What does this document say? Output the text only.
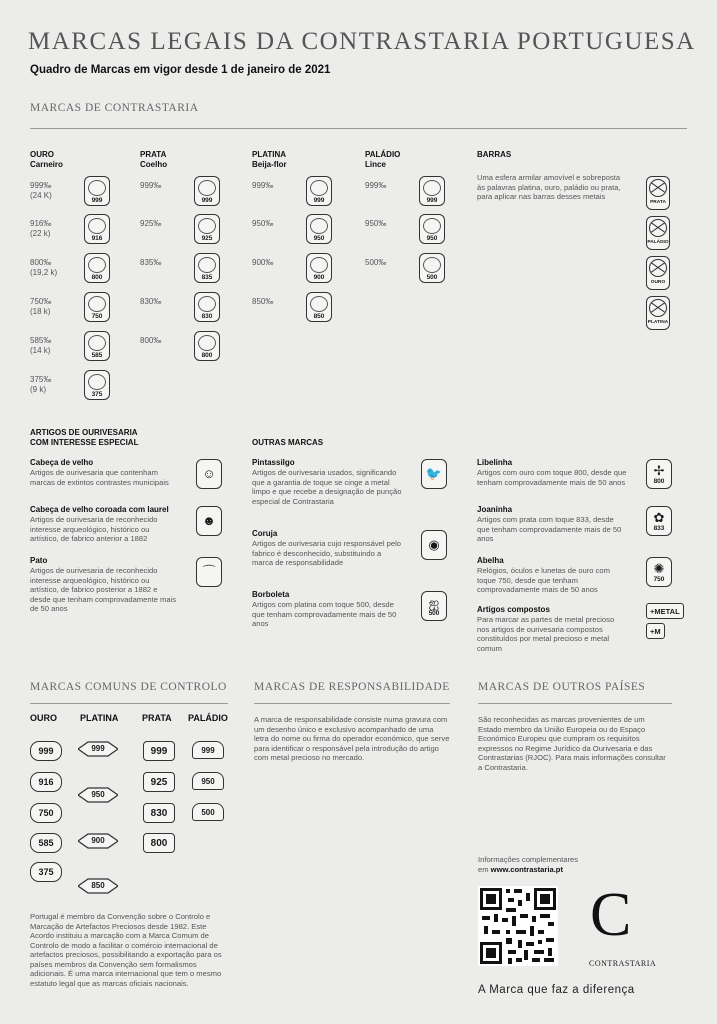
MARCAS LEGAIS DA CONTRASTARIA PORTUGUESA
Quadro de Marcas em vigor desde 1 de janeiro de 2021
MARCAS DE CONTRASTARIA
OURO
Carneiro
999‰
(24 K)
999
916‰
(22 k)
916
800‰
(19,2 k)
800
750‰
(18 k)
750
585‰
(14 k)
585
375‰
(9 k)
375
PRATA
Coelho
999‰
999
925‰
925
835‰
835
830‰
830
800‰
800
PLATINA
Beija-flor
999‰
999
950‰
950
900‰
900
850‰
850
PALÁDIO
Lince
999‰
999
950‰
950
500‰
500
BARRAS
Uma esfera armilar amovível e sobreposta às palavras platina, ouro, paládio ou prata, para aplicar nas barras desses metais
PRATA
PALÁDIO
OURO
PLATINA
ARTIGOS DE OURIVESARIA
COM INTERESSE ESPECIAL
Cabeça de velho
Artigos de ourivesaria que contenham marcas de extintos contrastes municipais
☺
Cabeça de velho coroada com laurel
Artigos de ourivesaria de reconhecido interesse arqueológico, histórico ou artístico, de fabrico anterior a 1882
☻
Pato
Artigos de ourivesaria de reconhecido interesse arqueológico, histórico ou artístico, de fabrico posterior a 1882 e desde que tenham comprovadamente mais de 50 anos
⌒
OUTRAS MARCAS
Pintassilgo
Artigos de ourivesaria usados, significando que a garantia de toque se cinge a metal limpo e que recebe a designação de punção especial de Contrastaria
🐦
Coruja
Artigos de ourivesaria cujo responsável pelo fabrico é desconhecido, substituindo a marca de responsabilidade
◉
Borboleta
Artigos com platina com toque 500, desde que tenham comprovadamente mais de 50 anos
ஐ
500
Libelinha
Artigos com ouro com toque 800, desde que tenham comprovadamente mais de 50 anos
✢
800
Joaninha
Artigos com prata com toque 833, desde que tenham comprovadamente mais de 50 anos
✿
833
Abelha
Relógios, óculos e lunetas de ouro com toque 750, desde que tenham comprovadamente mais de 50 anos
✺
750
Artigos compostos
Para marcar as partes de metal precioso nos artigos de ourivesaria compostos constituídos por metal precioso e metal comum
+METAL
+M
MARCAS COMUNS DE CONTROLO MARCAS DE RESPONSABILIDADE MARCAS DE OUTROS PAÍSES
OURO	PLATINA	PRATA PALÁDIO
999
916
750
585
375
999
950
900
850
999
925
830
800
999
950
500
Portugal é membro da Convenção sobre o Controlo e Marcação de Artefactos Preciosos desde 1982. Este Acordo instituiu a marcação com a Marca Comum de Controlo de modo a facilitar o comércio internacional de artefactos preciosos, possibilitando a exportação para os países membros da Convenção sem formalismos adicionais. É uma marca internacional que tem o mesmo estatuto legal que as marcas oficiais nacionais.
A marca de responsabilidade consiste numa gravura com um desenho único e exclusivo acompanhado de uma letra do nome ou firma do operador económico, que serve para identificar o responsável pela introdução do artigo com metal precioso no mercado.
São reconhecidas as marcas provenientes de um Estado membro da União Europeia ou do Espaço Económico Europeu que cumpram os requisitos expressos no Regime Jurídico da Ourivesaria e das Contrastarias (RJOC). Para mais informações consultar a Contrastaria.
Informações complementares
em www.contrastaria.pt
C
CONTRASTARIA
A Marca que faz a diferença
